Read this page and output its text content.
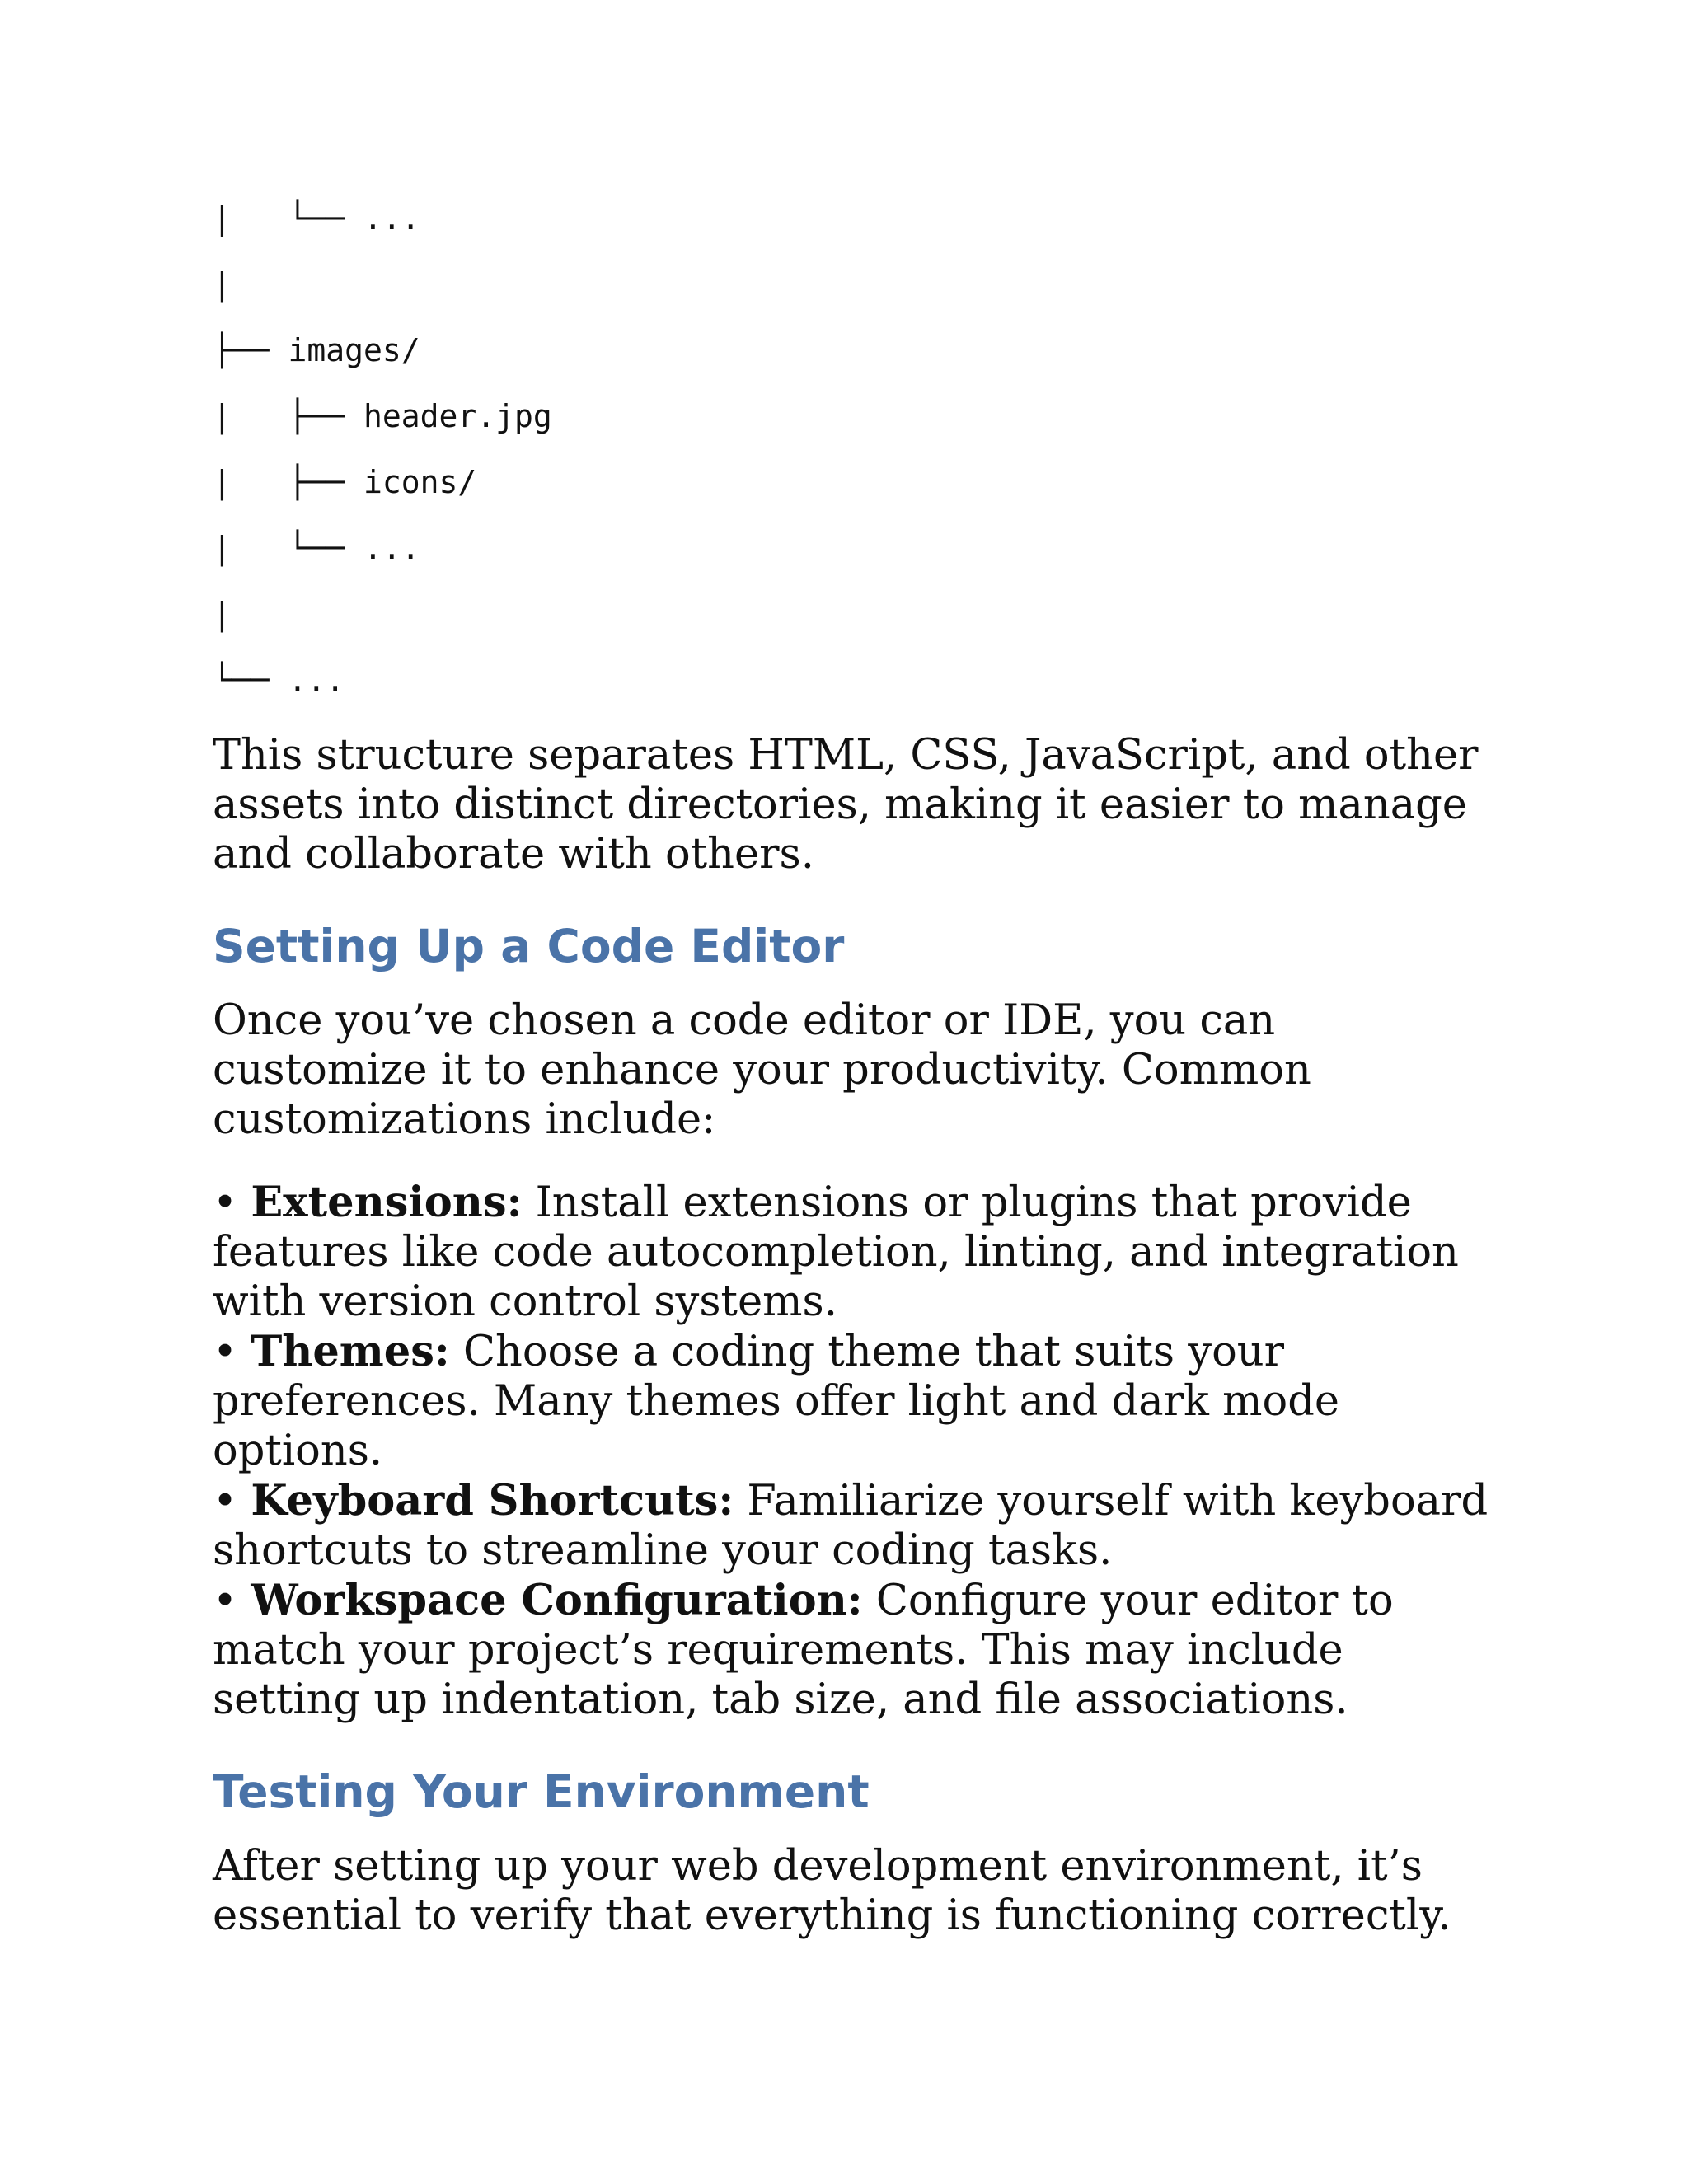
|   └── ...
|
├── images/
|   ├── header.jpg
|   ├── icons/
|   └── ...
|
└── ...

This structure separates HTML, CSS, JavaScript, and other assets into distinct directories, making it easier to manage and collaborate with others.

Setting Up a Code Editor

Once you’ve chosen a code editor or IDE, you can customize it to enhance your productivity. Common customizations include:

• Extensions: Install extensions or plugins that provide features like code autocompletion, linting, and integration with version control systems.

• Themes: Choose a coding theme that suits your preferences. Many themes offer light and dark mode options.

• Keyboard Shortcuts: Familiarize yourself with keyboard shortcuts to streamline your coding tasks.

• Workspace Configuration: Configure your editor to match your project’s requirements. This may include setting up indentation, tab size, and file associations.

Testing Your Environment

After setting up your web development environment, it’s essential to verify that everything is functioning correctly.
